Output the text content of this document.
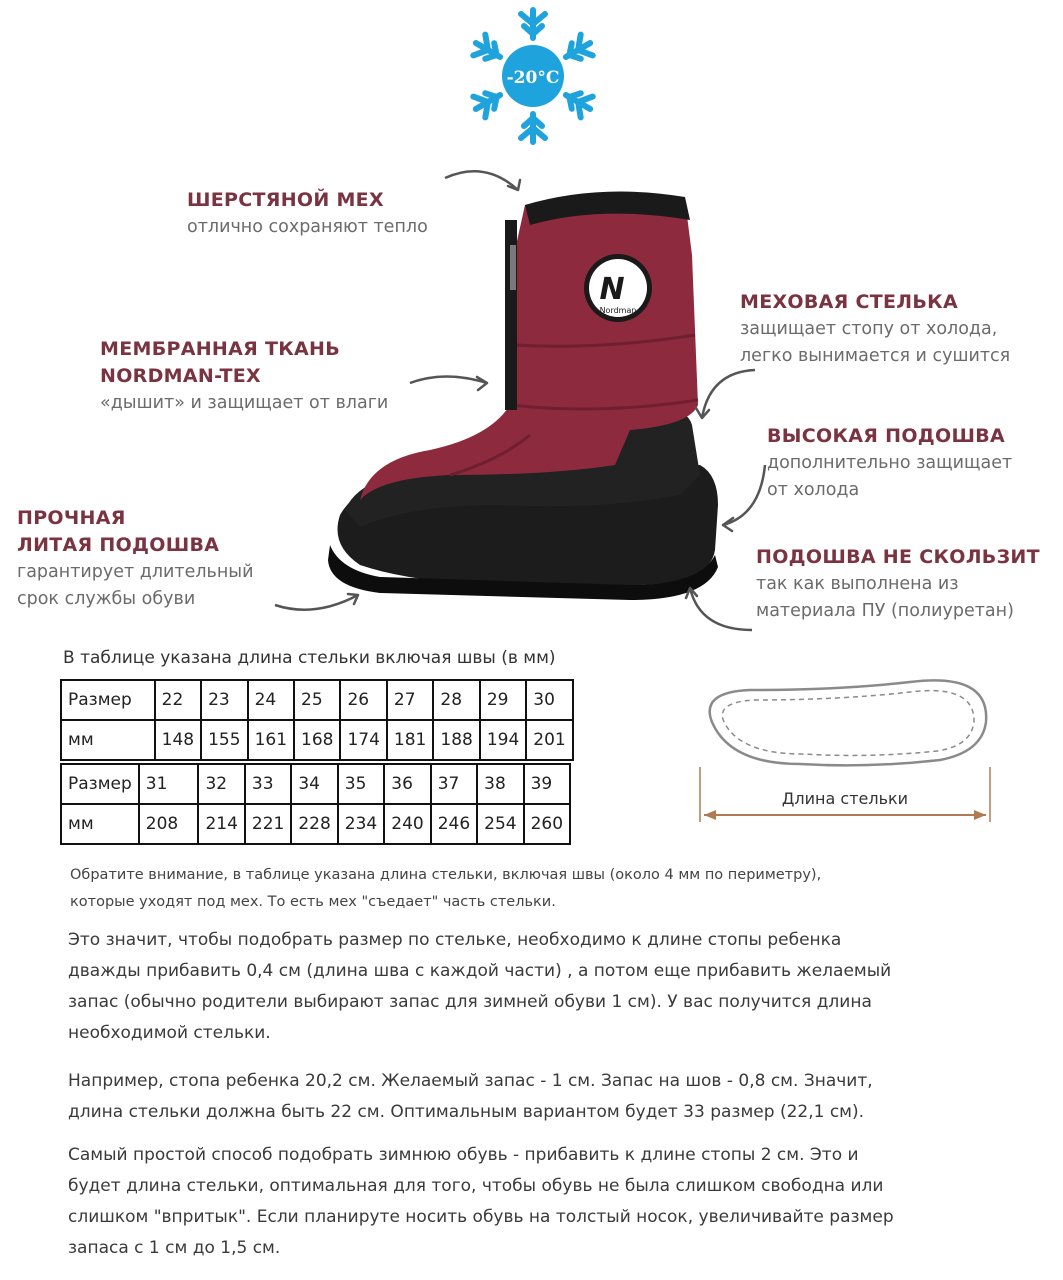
-20°C
N
Nordman
ШЕРСТЯНОЙ МЕХ
отлично сохраняют тепло
МЕМБРАННАЯ ТКАНЬ
NORDMAN-TEX
«дышит» и защищает от влаги
ПРОЧНАЯ
ЛИТАЯ ПОДОШВА
гарантирует длительный
срок службы обуви
МЕХОВАЯ СТЕЛЬКА
защищает стопу от холода,
легко вынимается и сушится
ВЫСОКАЯ ПОДОШВА
дополнительно защищает
от холода
ПОДОШВА НЕ СКОЛЬЗИТ
так как выполнена из
материала ПУ (полиуретан)
В таблице указана длина стельки включая швы (в мм)
Размер	22	23	24	25	26	27	28	29	30
мм	148	155	161	168	174	181	188	194	201
Размер	31	32	33	34	35	36	37	38	39
мм	208	214	221	228	234	240	246	254	260
Длина стельки
Обратите внимание, в таблице указана длина стельки, включая швы (около 4 мм по периметру),
которые уходят под мех. То есть мех "съедает" часть стельки.
Это значит, чтобы подобрать размер по стельке, необходимо к длине стопы ребенка
дважды прибавить 0,4 см (длина шва с каждой части) , а потом еще прибавить желаемый
запас (обычно родители выбирают запас для зимней обуви 1 см). У вас получится длина
необходимой стельки.
Например, стопа ребенка 20,2 см. Желаемый запас - 1 см. Запас на шов - 0,8 см. Значит,
длина стельки должна быть 22 см. Оптимальным вариантом будет 33 размер (22,1 см).
Самый простой способ подобрать зимнюю обувь - прибавить к длине стопы 2 см. Это и
будет длина стельки, оптимальная для того, чтобы обувь не была слишком свободна или
слишком "впритык". Если планируте носить обувь на толстый носок, увеличивайте размер
запаса с 1 см до 1,5 см.
